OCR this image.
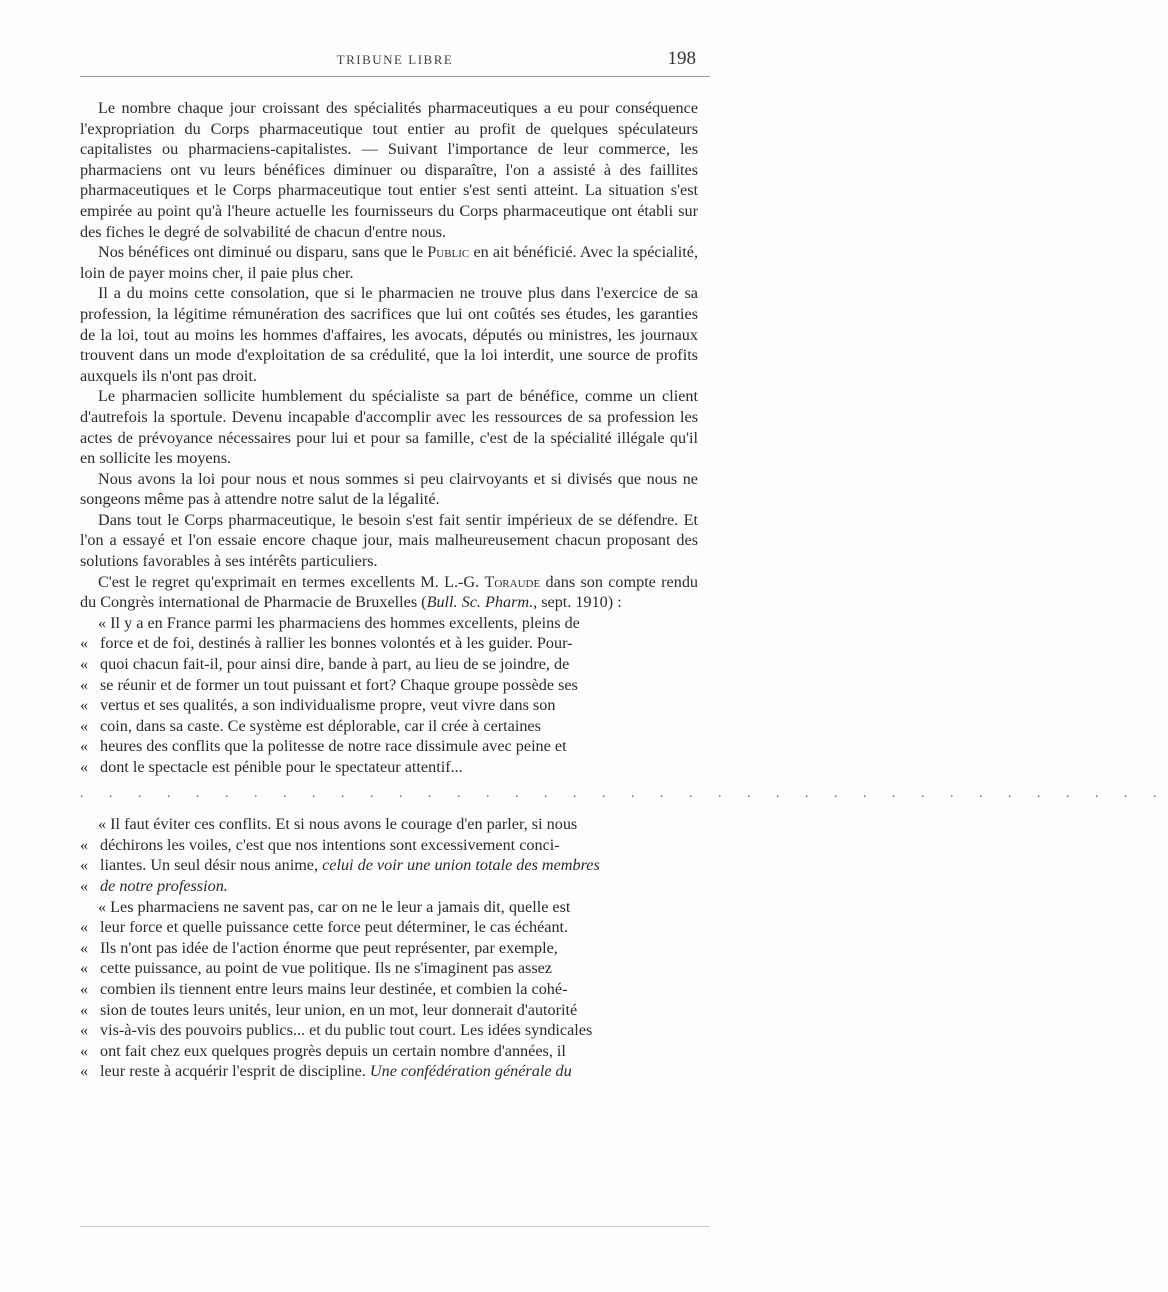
TRIBUNE LIBRE	198

Le nombre chaque jour croissant des spécialités pharmaceutiques a eu pour conséquence l'expropriation du Corps pharmaceutique tout entier au profit de quelques spéculateurs capitalistes ou pharmaciens-capitalistes. — Suivant l'importance de leur commerce, les pharmaciens ont vu leurs bénéfices diminuer ou disparaître, l'on a assisté à des faillites pharmaceutiques et le Corps pharmaceutique tout entier s'est senti atteint. La situation s'est empirée au point qu'à l'heure actuelle les fournisseurs du Corps pharmaceutique ont établi sur des fiches le degré de solvabilité de chacun d'entre nous.

Nos bénéfices ont diminué ou disparu, sans que le Public en ait bénéficié. Avec la spécialité, loin de payer moins cher, il paie plus cher.

Il a du moins cette consolation, que si le pharmacien ne trouve plus dans l'exercice de sa profession, la légitime rémunération des sacrifices que lui ont coûtés ses études, les garanties de la loi, tout au moins les hommes d'affaires, les avocats, députés ou ministres, les journaux trouvent dans un mode d'exploitation de sa crédulité, que la loi interdit, une source de profits auxquels ils n'ont pas droit.

Le pharmacien sollicite humblement du spécialiste sa part de bénéfice, comme un client d'autrefois la sportule. Devenu incapable d'accomplir avec les ressources de sa profession les actes de prévoyance nécessaires pour lui et pour sa famille, c'est de la spécialité illégale qu'il en sollicite les moyens.

Nous avons la loi pour nous et nous sommes si peu clairvoyants et si divisés que nous ne songeons même pas à attendre notre salut de la légalité.

Dans tout le Corps pharmaceutique, le besoin s'est fait sentir impérieux de se défendre. Et l'on a essayé et l'on essaie encore chaque jour, mais malheureusement chacun proposant des solutions favorables à ses intérêts particuliers.

C'est le regret qu'exprimait en termes excellents M. L.-G. Toraude dans son compte rendu du Congrès international de Pharmacie de Bruxelles (Bull. Sc. Pharm., sept. 1910) :

« Il y a en France parmi les pharmaciens des hommes excellents, pleins de

« force et de foi, destinés à rallier les bonnes volontés et à les guider. Pour-

« quoi chacun fait-il, pour ainsi dire, bande à part, au lieu de se joindre, de

« se réunir et de former un tout puissant et fort? Chaque groupe possède ses

« vertus et ses qualités, a son individualisme propre, veut vivre dans son

« coin, dans sa caste. Ce système est déplorable, car il crée à certaines

« heures des conflits que la politesse de notre race dissimule avec peine et

« dont le spectacle est pénible pour le spectateur attentif...

. . . . . . . . . . . . . . . . . . . . . . . . . . . . . . . . . . . . . .

« Il faut éviter ces conflits. Et si nous avons le courage d'en parler, si nous

« déchirons les voiles, c'est que nos intentions sont excessivement conci-

« liantes. Un seul désir nous anime, celui de voir une union totale des membres

« de notre profession.

« Les pharmaciens ne savent pas, car on ne le leur a jamais dit, quelle est

« leur force et quelle puissance cette force peut déterminer, le cas échéant.

« Ils n'ont pas idée de l'action énorme que peut représenter, par exemple,

« cette puissance, au point de vue politique. Ils ne s'imaginent pas assez

« combien ils tiennent entre leurs mains leur destinée, et combien la cohé-

« sion de toutes leurs unités, leur union, en un mot, leur donnerait d'autorité

« vis-à-vis des pouvoirs publics... et du public tout court. Les idées syndicales

« ont fait chez eux quelques progrès depuis un certain nombre d'années, il

« leur reste à acquérir l'esprit de discipline. Une confédération générale du
